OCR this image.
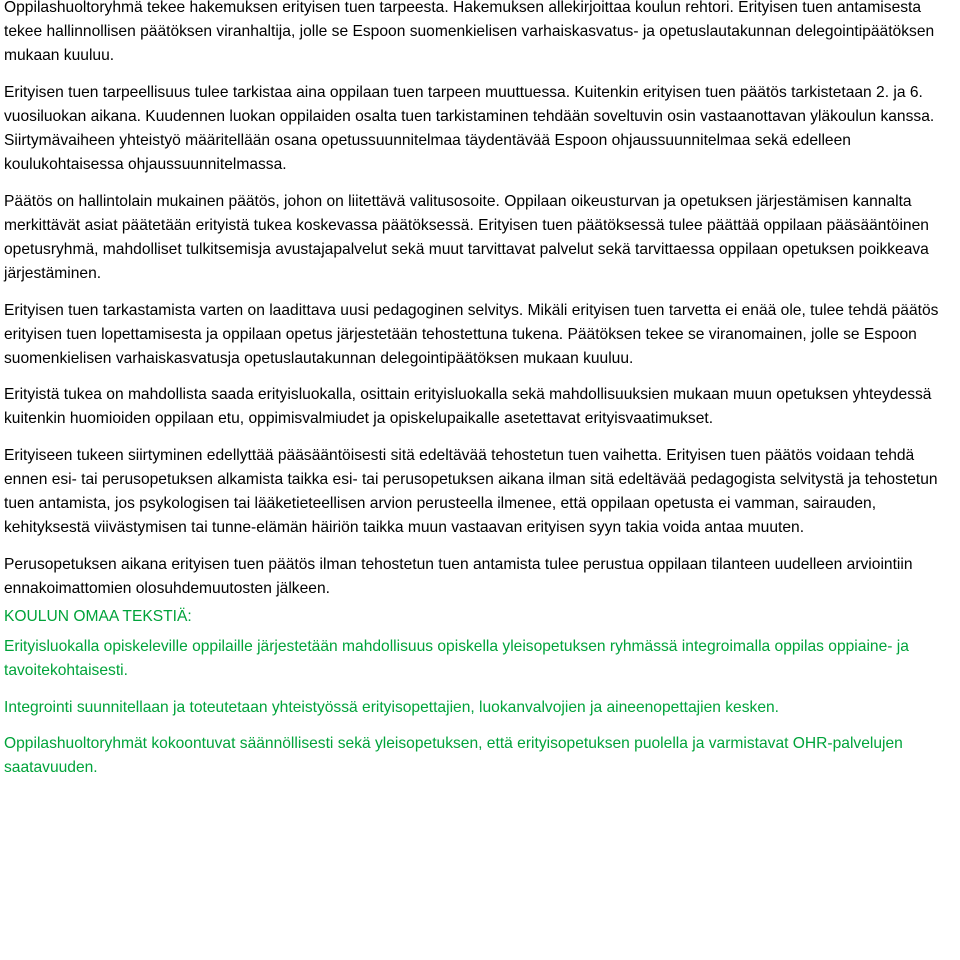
Oppilashuoltoryhmä tekee hakemuksen erityisen tuen tarpeesta. Hakemuksen allekirjoittaa koulun rehtori. Erityisen tuen antamisesta tekee hallinnollisen päätöksen viranhaltija, jolle se Espoon suomenkielisen varhaiskasvatus- ja opetuslautakunnan delegointipäätöksen mukaan kuuluu.

Erityisen tuen tarpeellisuus tulee tarkistaa aina oppilaan tuen tarpeen muuttuessa. Kuitenkin erityisen tuen päätös tarkistetaan 2. ja 6. vuosiluokan aikana. Kuudennen luokan oppilaiden osalta tuen tarkistaminen tehdään soveltuvin osin vastaanottavan yläkoulun kanssa. Siirtymävaiheen yhteistyö määritellään osana opetussuunnitelmaa täydentävää Espoon ohjaussuunnitelmaa sekä edelleen koulukohtaisessa ohjaussuunnitelmassa.

Päätös on hallintolain mukainen päätös, johon on liitettävä valitusosoite. Oppilaan oikeusturvan ja opetuksen järjestämisen kannalta merkittävät asiat päätetään erityistä tukea koskevassa päätöksessä. Erityisen tuen päätöksessä tulee päättää oppilaan pääsääntöinen opetusryhmä, mahdolliset tulkitsemisja avustajapalvelut sekä muut tarvittavat palvelut sekä tarvittaessa oppilaan opetuksen poikkeava järjestäminen.

Erityisen tuen tarkastamista varten on laadittava uusi pedagoginen selvitys. Mikäli erityisen tuen tarvetta ei enää ole, tulee tehdä päätös erityisen tuen lopettamisesta ja oppilaan opetus järjestetään tehostettuna tukena. Päätöksen tekee se viranomainen, jolle se Espoon suomenkielisen varhaiskasvatusja opetuslautakunnan delegointipäätöksen mukaan kuuluu.

Erityistä tukea on mahdollista saada erityisluokalla, osittain erityisluokalla sekä mahdollisuuksien mukaan muun opetuksen yhteydessä kuitenkin huomioiden oppilaan etu, oppimisvalmiudet ja opiskelupaikalle asetettavat erityisvaatimukset.

Erityiseen tukeen siirtyminen edellyttää pääsääntöisesti sitä edeltävää tehostetun tuen vaihetta. Erityisen tuen päätös voidaan tehdä ennen esi- tai perusopetuksen alkamista taikka esi- tai perusopetuksen aikana ilman sitä edeltävää pedagogista selvitystä ja tehostetun tuen antamista, jos psykologisen tai lääketieteellisen arvion perusteella ilmenee, että oppilaan opetusta ei vamman, sairauden, kehityksestä viivästymisen tai tunne-elämän häiriön taikka muun vastaavan erityisen syyn takia voida antaa muuten.

Perusopetuksen aikana erityisen tuen päätös ilman tehostetun tuen antamista tulee perustua oppilaan tilanteen uudelleen arviointiin ennakoimattomien olosuhdemuutosten jälkeen.

KOULUN OMAA TEKSTIÄ:

Erityisluokalla opiskeleville oppilaille järjestetään mahdollisuus opiskella yleisopetuksen ryhmässä integroimalla oppilas oppiaine- ja tavoitekohtaisesti.

Integrointi suunnitellaan ja toteutetaan yhteistyössä erityisopettajien, luokanvalvojien ja aineenopettajien kesken.

Oppilashuoltoryhmät kokoontuvat säännöllisesti sekä yleisopetuksen, että erityisopetuksen puolella ja varmistavat OHR-palvelujen saatavuuden.
